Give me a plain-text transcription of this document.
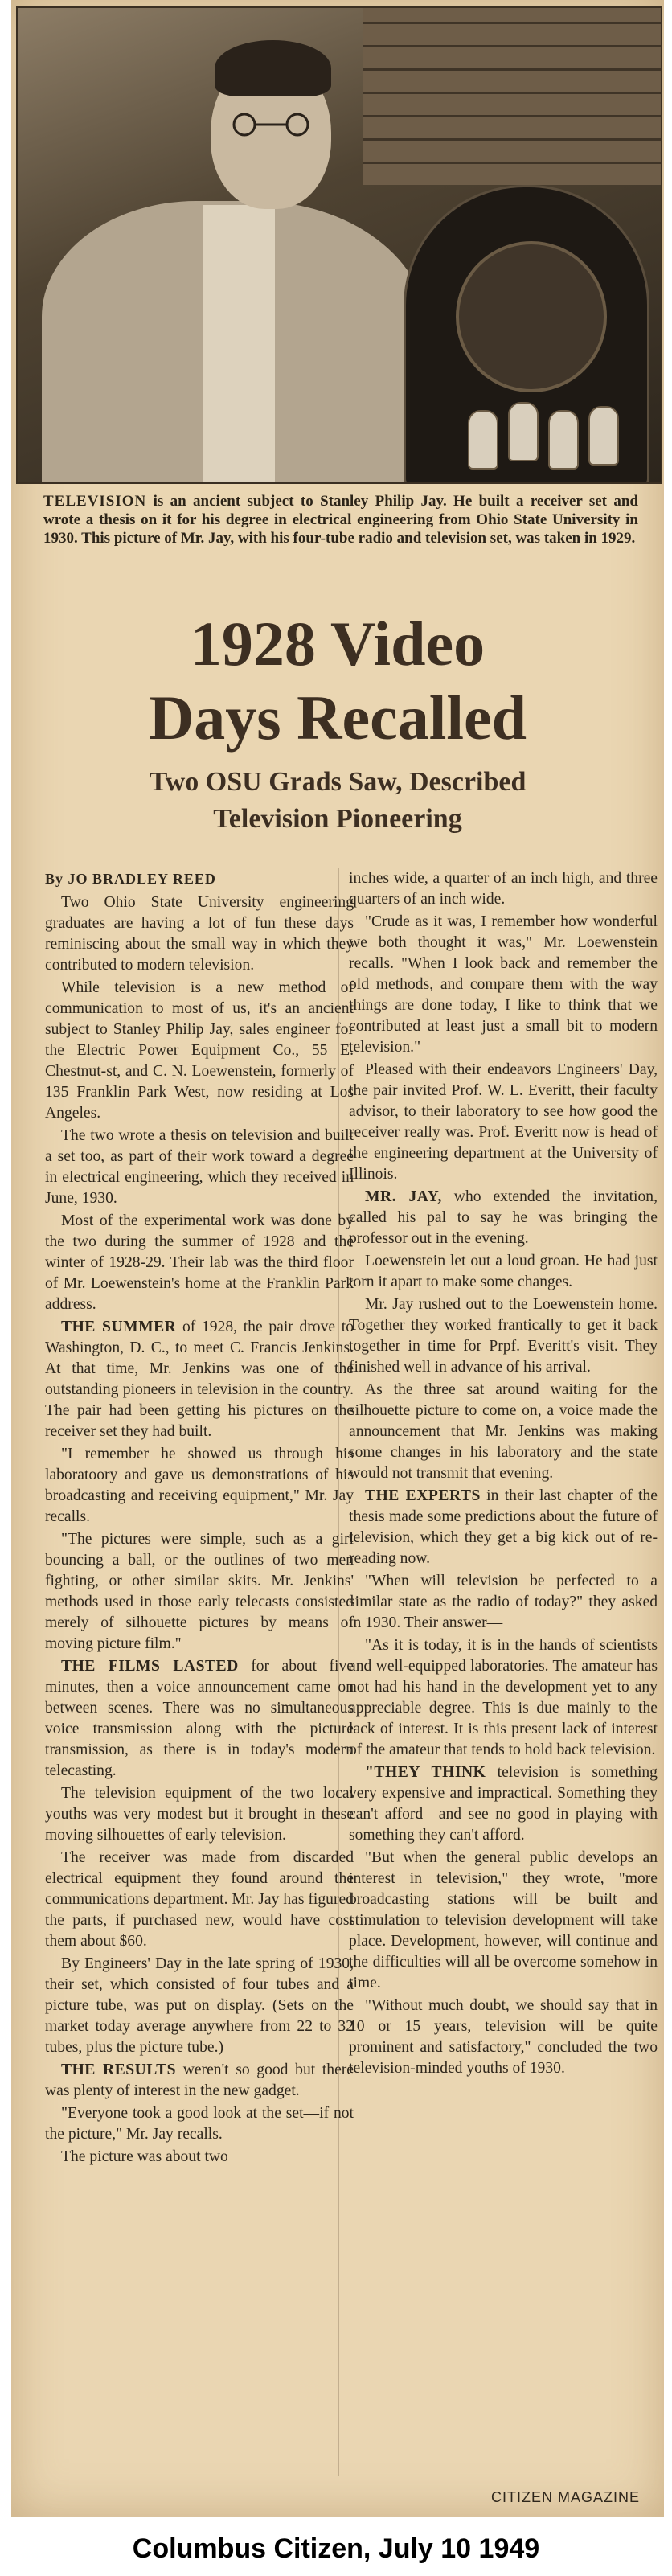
TELEVISION is an ancient subject to Stanley Philip Jay. He built a receiver set and wrote a thesis on it for his degree in electrical engineering from Ohio State University in 1930. This picture of Mr. Jay, with his four-tube radio and television set, was taken in 1929.

1928 Video
Days Recalled
Two OSU Grads Saw, Described
Television Pioneering

By JO BRADLEY REED

Two Ohio State University engineering graduates are having a lot of fun these days reminiscing about the small way in which they contributed to modern television.

While television is a new method of communication to most of us, it's an ancient subject to Stanley Philip Jay, sales engineer for the Electric Power Equipment Co., 55 E. Chestnut-st, and C. N. Loewenstein, formerly of 135 Franklin Park West, now residing at Los Angeles.

The two wrote a thesis on television and built a set too, as part of their work toward a degree in electrical engineering, which they received in June, 1930.

Most of the experimental work was done by the two during the summer of 1928 and the winter of 1928-29. Their lab was the third floor of Mr. Loewenstein's home at the Franklin Park address.

THE SUMMER of 1928, the pair drove to Washington, D. C., to meet C. Francis Jenkins. At that time, Mr. Jenkins was one of the outstanding pioneers in television in the country. The pair had been getting his pictures on the receiver set they had built.

"I remember he showed us through his laboratoory and gave us demonstrations of his broadcasting and receiving equipment," Mr. Jay recalls.

"The pictures were simple, such as a girl bouncing a ball, or the outlines of two men fighting, or other similar skits. Mr. Jenkins' methods used in those early telecasts consisted merely of silhouette pictures by means of moving picture film."

THE FILMS LASTED for about five minutes, then a voice announcement came on between scenes. There was no simultaneous voice transmission along with the picture transmission, as there is in today's modern telecasting.

The television equipment of the two local youths was very modest but it brought in these moving silhouettes of early television.

The receiver was made from discarded electrical equipment they found around the communications department. Mr. Jay has figured the parts, if purchased new, would have cost them about $60.

By Engineers' Day in the late spring of 1930, their set, which consisted of four tubes and a picture tube, was put on display. (Sets on the market today average anywhere from 22 to 32 tubes, plus the picture tube.)

THE RESULTS weren't so good but there was plenty of interest in the new gadget.

"Everyone took a good look at the set—if not the picture," Mr. Jay recalls.

The picture was about two

inches wide, a quarter of an inch high, and three quarters of an inch wide.

"Crude as it was, I remember how wonderful we both thought it was," Mr. Loewenstein recalls. "When I look back and remember the old methods, and compare them with the way things are done today, I like to think that we contributed at least just a small bit to modern television."

Pleased with their endeavors Engineers' Day, the pair invited Prof. W. L. Everitt, their faculty advisor, to their laboratory to see how good the receiver really was. Prof. Everitt now is head of the engineering department at the University of Illinois.

MR. JAY, who extended the invitation, called his pal to say he was bringing the professor out in the evening.

Loewenstein let out a loud groan. He had just torn it apart to make some changes.

Mr. Jay rushed out to the Loewenstein home. Together they worked frantically to get it back together in time for Prpf. Everitt's visit. They finished well in advance of his arrival.

As the three sat around waiting for the silhouette picture to come on, a voice made the announcement that Mr. Jenkins was making some changes in his laboratory and the state would not transmit that evening.

THE EXPERTS in their last chapter of the thesis made some predictions about the future of television, which they get a big kick out of re-reading now.

"When will television be perfected to a similar state as the radio of today?" they asked in 1930. Their answer—

"As it is today, it is in the hands of scientists and well-equipped laboratories. The amateur has not had his hand in the development yet to any appreciable degree. This is due mainly to the lack of interest. It is this present lack of interest of the amateur that tends to hold back television.

"THEY THINK television is something very expensive and impractical. Something they can't afford—and see no good in playing with something they can't afford.

"But when the general public develops an interest in television," they wrote, "more broadcasting stations will be built and stimulation to television development will take place. Development, however, will continue and the difficulties will all be overcome somehow in time.

"Without much doubt, we should say that in 10 or 15 years, television will be quite prominent and satisfactory," concluded the two television-minded youths of 1930.

CITIZEN MAGAZINE
Columbus Citizen, July 10 1949
